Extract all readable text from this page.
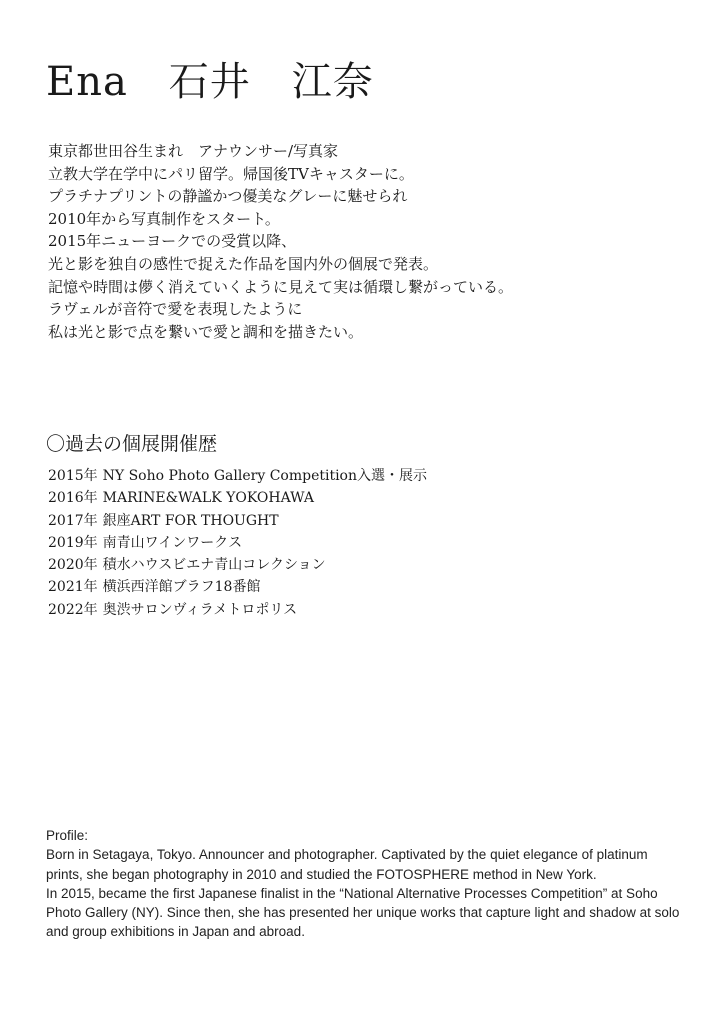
Ena　石井　江奈
東京都世田谷生まれ　アナウンサー/写真家
立教大学在学中にパリ留学。帰国後TVキャスターに。
プラチナプリントの静謐かつ優美なグレーに魅せられ
2010年から写真制作をスタート。
2015年ニューヨークでの受賞以降、
光と影を独自の感性で捉えた作品を国内外の個展で発表。
記憶や時間は儚く消えていくように見えて実は循環し繋がっている。
ラヴェルが音符で愛を表現したように
私は光と影で点を繋いで愛と調和を描きたい。
〇過去の個展開催歴
2015年 NY Soho Photo Gallery Competition入選・展示
2016年 MARINE&WALK YOKOHAWA
2017年 銀座ART FOR THOUGHT
2019年 南青山ワインワークス
2020年 積水ハウスビエナ青山コレクション
2021年 横浜西洋館ブラフ18番館
2022年 奥渋サロンヴィラメトロポリス

Profile:

Born in Setagaya, Tokyo. Announcer and photographer. Captivated by the quiet elegance of platinum prints, she began photography in 2010 and studied the FOTOSPHERE method in New York.

In 2015, became the first Japanese finalist in the “National Alternative Processes Competition” at Soho Photo Gallery (NY). Since then, she has presented her unique works that capture light and shadow at solo and group exhibitions in Japan and abroad.
